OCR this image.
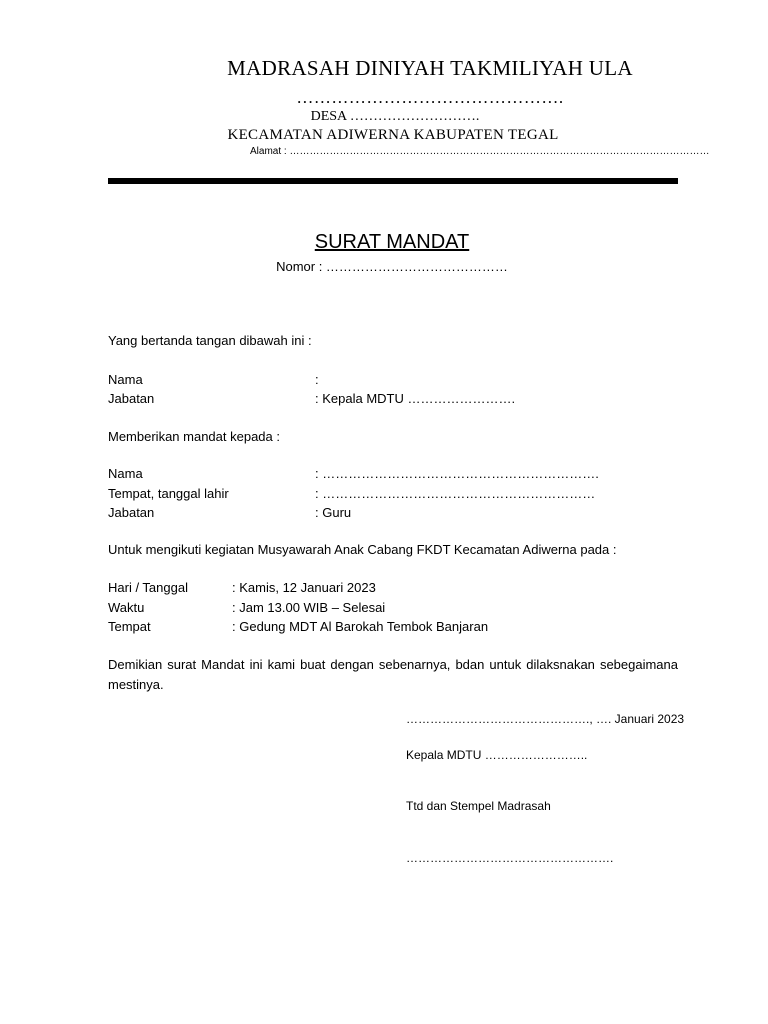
MADRASAH DINIYAH TAKMILIYAH ULA
……………………………………….
DESA ……………………….
KECAMATAN ADIWERNA KABUPATEN TEGAL
Alamat : ………………………………………………………………………………………………………………
SURAT MANDAT
Nomor : ……………………………………
Yang bertanda tangan dibawah ini :
Nama	:
Jabatan	: Kepala MDTU …………………….
Memberikan mandat kepada :
Nama	: ……………………………………………………….
Tempat, tanggal lahir	: ………………………………………………………
Jabatan	: Guru
Untuk mengikuti kegiatan Musyawarah Anak Cabang FKDT Kecamatan Adiwerna pada :
Hari / Tanggal	: Kamis, 12 Januari 2023
Waktu	: Jam 13.00 WIB – Selesai
Tempat	: Gedung MDT Al Barokah Tembok Banjaran
Demikian surat Mandat ini kami buat dengan sebenarnya, bdan untuk dilaksnakan sebegaimana mestinya.
………………………………………., …. Januari 2023
Kepala MDTU ……………………..
Ttd dan Stempel Madrasah
…………………………………………….
